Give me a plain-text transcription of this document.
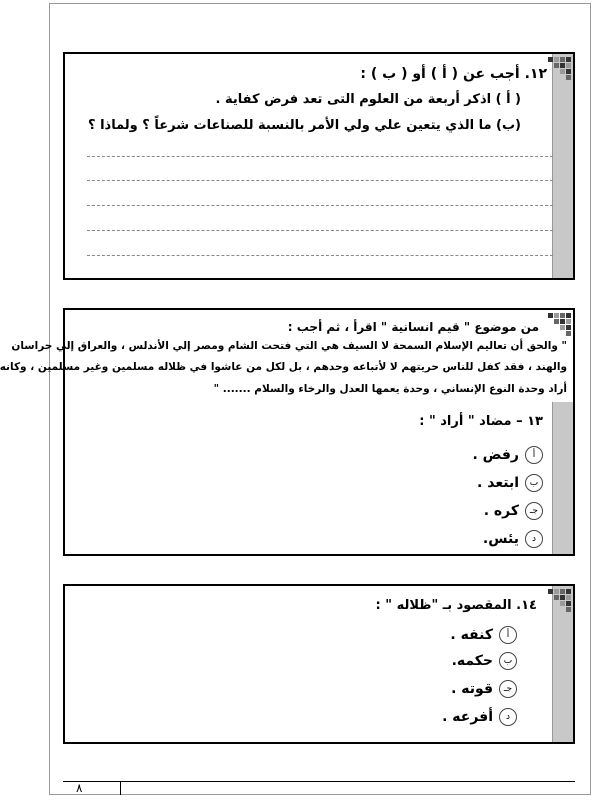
١٢. أجب عن ( أ ) أو ( ب ) :
( أ ) اذكر أربعة من العلوم التى تعد فرض كفاية .
(ب) ما الذي يتعين علي ولي الأمر بالنسبة للصناعات شرعاً ؟ ولماذا ؟
من موضوع " قيم انسانية " اقرأ ، ثم أجب :
" والحق أن تعاليم الإسلام السمحة لا السيف هي التي فتحت الشام ومصر إلي الأندلس ، والعراق إلي حراسان
والهند ، فقد كفل للناس حريتهم لا لأتباعه وحدهم ، بل لكل من عاشوا في ظلاله مسلمين وغير مسلمين ، وكانه
أراد وحدة النوع الإنساني ، وحدة يعمها العدل والرخاء والسلام ....... "
١٣ – مضاد " أراد " :
أ
رفض .
ب
ابتعد .
جـ
كره .
د
يئس.
١٤. المقصود بـ "ظلاله " :
أ
كنفه .
ب
حكمه.
جـ
قوته .
د
أفرعه .
٨
